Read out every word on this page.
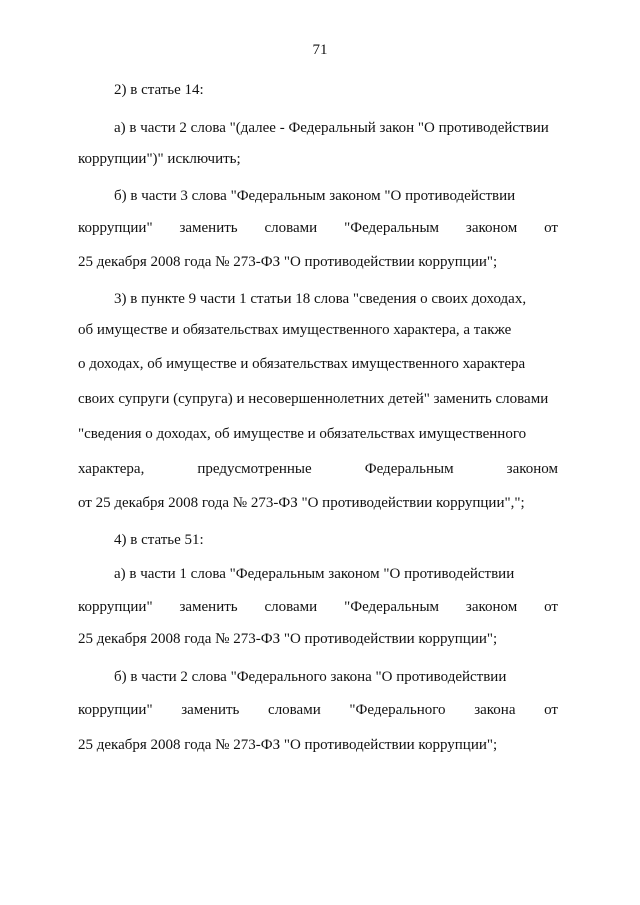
71
2) в статье 14:
а) в части 2 слова "(далее - Федеральный закон "О противодействии
коррупции")" исключить;
б) в части 3 слова "Федеральным законом "О противодействии
коррупции" заменить словами "Федеральным законом от
25 декабря 2008 года № 273-ФЗ "О противодействии коррупции";
3) в пункте 9 части 1 статьи 18 слова "сведения о своих доходах,
об имуществе и обязательствах имущественного характера, а также
о доходах, об имуществе и обязательствах имущественного характера
своих супруги (супруга) и несовершеннолетних детей" заменить словами
"сведения о доходах, об имуществе и обязательствах имущественного
характера,	предусмотренные	Федеральным	законом
от 25 декабря 2008 года № 273-ФЗ "О противодействии коррупции",";
4) в статье 51:
а) в части 1 слова "Федеральным законом "О противодействии
коррупции" заменить словами "Федеральным законом от
25 декабря 2008 года № 273-ФЗ "О противодействии коррупции";
б) в части 2 слова "Федерального закона "О противодействии
коррупции" заменить словами "Федерального закона от
25 декабря 2008 года № 273-ФЗ "О противодействии коррупции";
